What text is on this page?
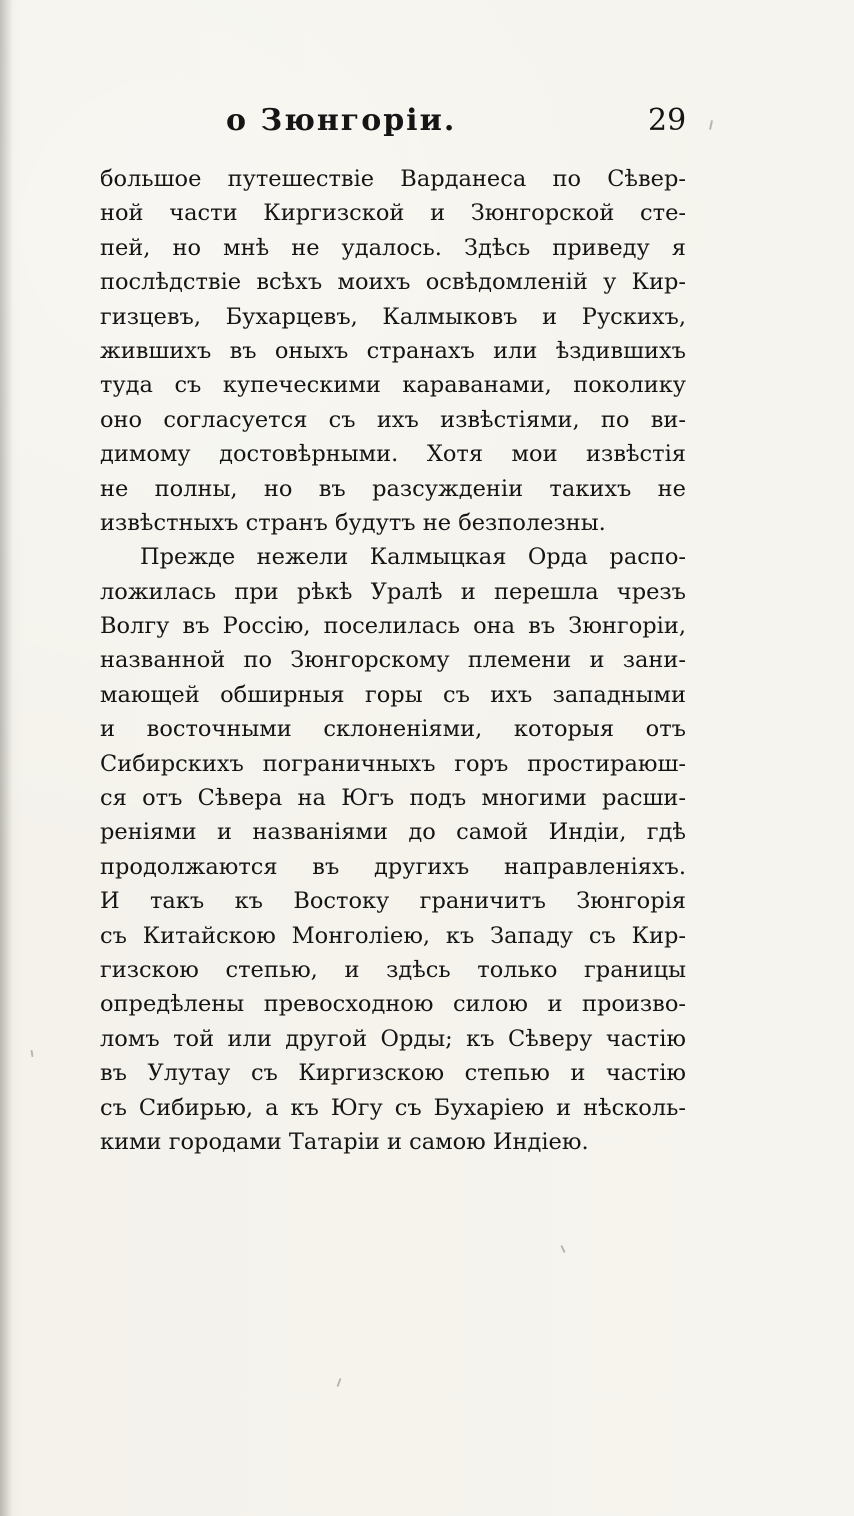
о Зюнгоріи.	29
большое путешествіе Варданеса по Сѣвер-
ной части Киргизской и Зюнгорской сте-
пей, но мнѣ не удалось. Здѣсь приведу я
послѣдствіе всѣхъ моихъ освѣдомленій у Кир-
гизцевъ, Бухарцевъ, Калмыковъ и Рускихъ,
жившихъ въ оныхъ странахъ или ѣздившихъ
туда съ купеческими караванами, поколику
оно согласуется съ ихъ извѣстіями, по ви-
димому достовѣрными. Хотя мои извѣстія
не полны, но въ разсужденіи такихъ не
извѣстныхъ странъ будутъ не безполезны.
Прежде нежели Калмыцкая Орда распо-
ложилась при рѣкѣ Уралѣ и перешла чрезъ
Волгу въ Россію, поселилась она въ Зюнгоріи,
названной по Зюнгорскому племени и зани-
мающей обширныя горы съ ихъ западными
и восточными склоненіями, которыя отъ
Сибирскихъ пограничныхъ горъ простираюш-
ся отъ Сѣвера на Югъ подъ многими расши-
реніями и названіями до самой Индіи, гдѣ
продолжаются въ другихъ направленіяхъ.
И такъ къ Востоку граничитъ Зюнгорія
съ Китайскою Монголіею, къ Западу съ Кир-
гизскою степью, и здѣсь только границы
опредѣлены превосходною силою и произво-
ломъ той или другой Орды; къ Сѣверу частію
въ Улутау съ Киргизскою степью и частію
съ Сибирью, а къ Югу съ Бухаріею и нѣсколь-
кими городами Татаріи и самою Индіею.
